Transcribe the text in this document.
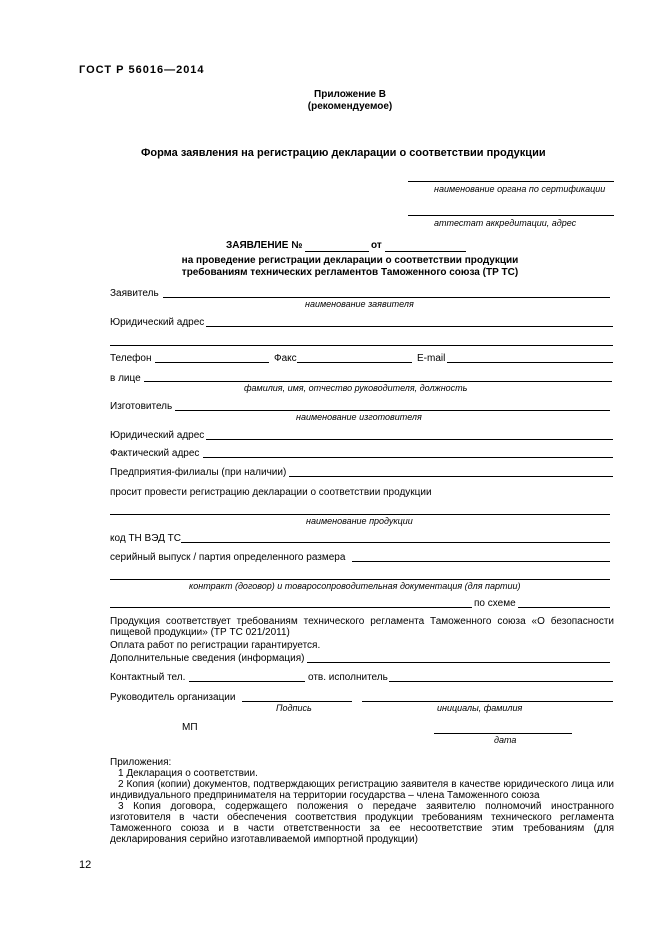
ГОСТ Р 56016—2014
Приложение В
(рекомендуемое)
Форма заявления на регистрацию декларации о соответствии продукции
наименование органа по сертификации
аттестат аккредитации, адрес
ЗАЯВЛЕНИЕ №	от
на проведение регистрации декларации о соответствии продукции
требованиям технических регламентов Таможенного союза (ТР ТС)
Заявитель
наименование заявителя
Юридический адрес
Телефон	Факс	E-mail
в лице
фамилия, имя, отчество руководителя, должность
Изготовитель
наименование изготовителя
Юридический адрес
Фактический адрес
Предприятия-филиалы (при наличии)
просит провести регистрацию декларации о соответствии продукции
наименование продукции
код ТН ВЭД ТС
серийный выпуск / партия определенного размера
контракт (договор) и товаросопроводительная документация (для партии)
по схеме
Продукция соответствует требованиям технического регламента Таможенного союза «О безопасности пищевой продукции» (ТР ТС 021/2011)
Оплата работ по регистрации гарантируется.
Дополнительные сведения (информация)
Контактный тел.	отв. исполнитель
Руководитель организации
Подпись	инициалы, фамилия
МП
дата
Приложения:
1 Декларация о соответствии.
2 Копия (копии) документов, подтверждающих регистрацию заявителя в качестве юридического лица или индивидуального предпринимателя на территории государства – члена Таможенного союза
3 Копия договора, содержащего положения о передаче заявителю полномочий иностранного изготовителя в части обеспечения соответствия продукции требованиям технического регламента Таможенного союза и в части ответственности за ее несоответствие этим требованиям (для декларирования серийно изготавливаемой импортной продукции)
12
